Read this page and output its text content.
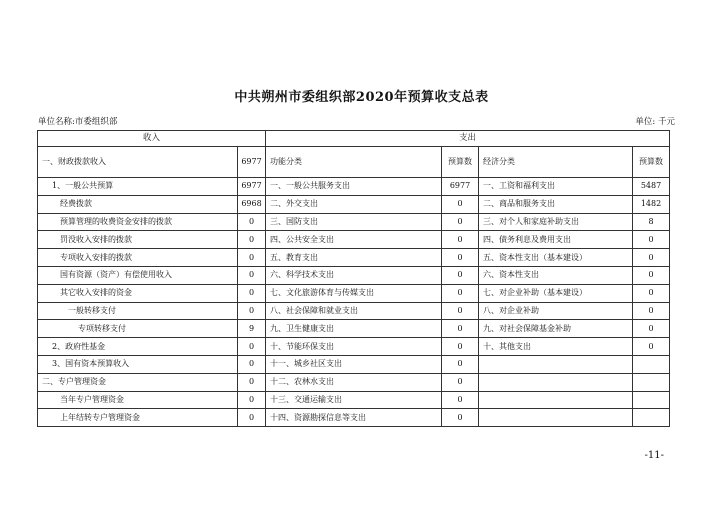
中共朔州市委组织部2020年预算收支总表
单位名称:市委组织部	单位: 千元
收入		支出			
一、财政拨款收入	6977	功能分类	预算数	经济分类	预算数
1、一般公共预算	6977	一、一般公共服务支出	6977	一、工资和福利支出	5487
经费拨款	6968	二、外交支出	0	二、商品和服务支出	1482
预算管理的收费资金安排的拨款	0	三、国防支出	0	三、对个人和家庭补助支出	8
罚没收入安排的拨款	0	四、公共安全支出	0	四、债务利息及费用支出	0
专项收入安排的拨款	0	五、教育支出	0	五、资本性支出（基本建设）	0
国有资源（资产）有偿使用收入	0	六、科学技术支出	0	六、资本性支出	0
其它收入安排的资金	0	七、文化旅游体育与传媒支出	0	七、对企业补助（基本建设）	0
一般转移支付	0	八、社会保障和就业支出	0	八、对企业补助	0
专项转移支付	9	九、卫生健康支出	0	九、对社会保障基金补助	0
2、政府性基金	0	十、节能环保支出	0	十、其他支出	0
3、国有资本预算收入	0	十一、城乡社区支出	0		
二、专户管理资金	0	十二、农林水支出	0		
当年专户管理资金	0	十三、交通运输支出	0		
上年结转专户管理资金	0	十四、资源勘探信息等支出	0		
-11-
